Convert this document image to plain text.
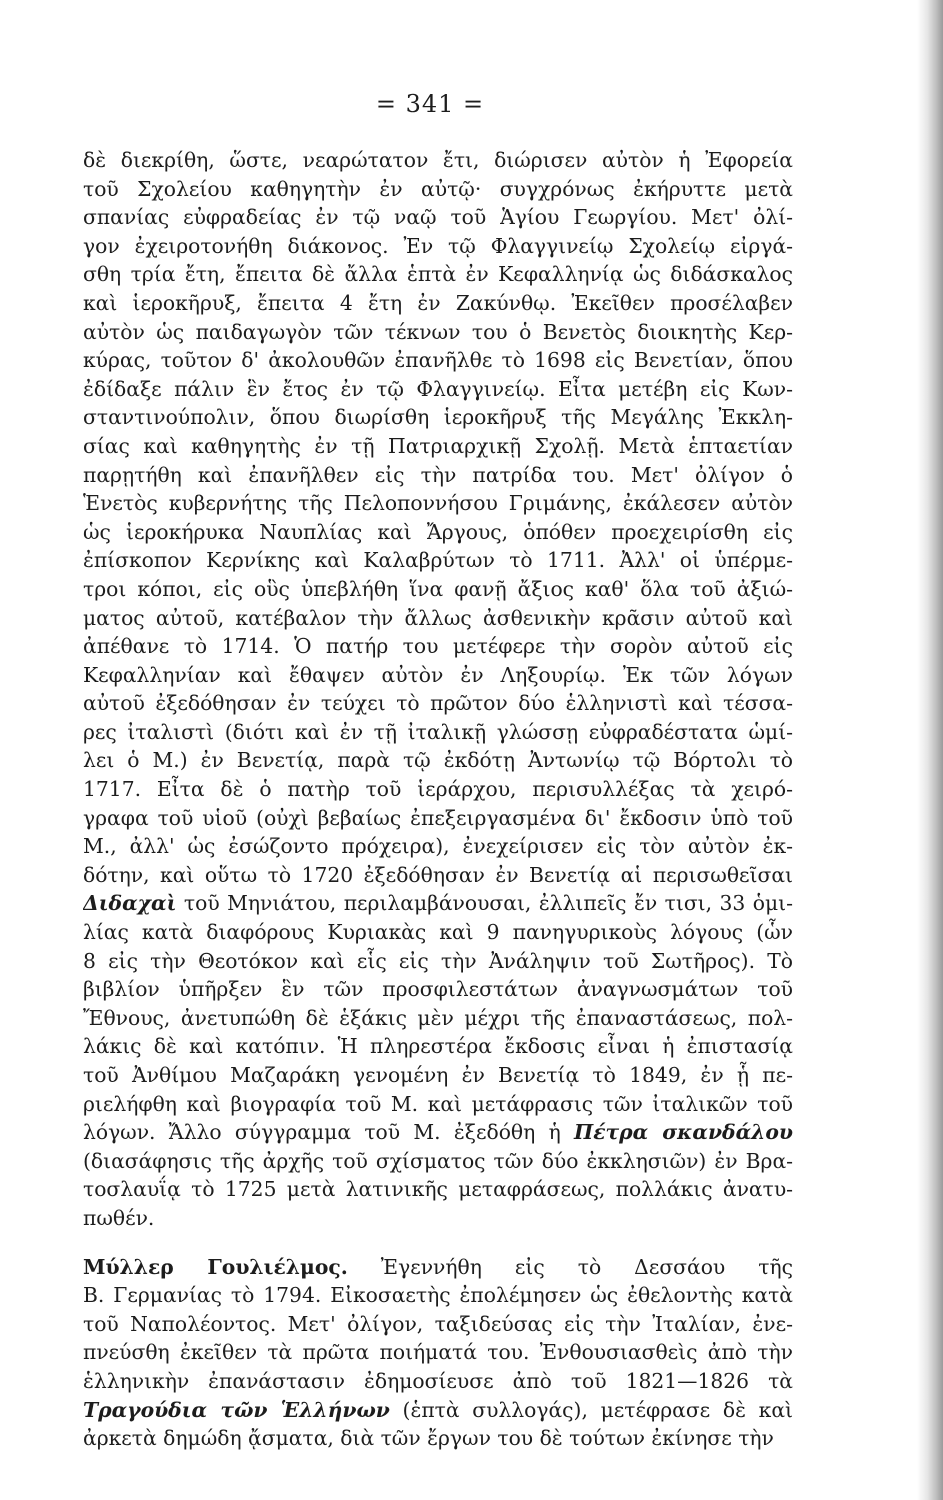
= 341 =
δὲ διεκρίθη, ὥστε, νεαρώτατον ἔτι, διώρισεν αὐτὸν ἡ Ἐφορεία
τοῦ Σχολείου καθηγητὴν ἐν αὐτῷ· συγχρόνως ἐκήρυττε μετὰ
σπανίας εὐφραδείας ἐν τῷ ναῷ τοῦ Ἁγίου Γεωργίου. Μετ' ὀλί-
γον ἐχειροτονήθη διάκονος. Ἐν τῷ Φλαγγινείῳ Σχολείῳ εἰργά-
σθη τρία ἔτη, ἔπειτα δὲ ἄλλα ἑπτὰ ἐν Κεφαλληνίᾳ ὡς διδάσκαλος
καὶ ἱεροκῆρυξ, ἔπειτα 4 ἔτη ἐν Ζακύνθῳ. Ἐκεῖθεν προσέλαβεν
αὐτὸν ὡς παιδαγωγὸν τῶν τέκνων του ὁ Βενετὸς διοικητὴς Κερ-
κύρας, τοῦτον δ' ἀκολουθῶν ἐπανῆλθε τὸ 1698 εἰς Βενετίαν, ὅπου
ἐδίδαξε πάλιν ἓν ἔτος ἐν τῷ Φλαγγινείῳ. Εἶτα μετέβη εἰς Κων-
σταντινούπολιν, ὅπου διωρίσθη ἱεροκῆρυξ τῆς Μεγάλης Ἐκκλη-
σίας καὶ καθηγητὴς ἐν τῇ Πατριαρχικῇ Σχολῇ. Μετὰ ἑπταετίαν
παρῃτήθη καὶ ἐπανῆλθεν εἰς τὴν πατρίδα του. Μετ' ὀλίγον ὁ
Ἑνετὸς κυβερνήτης τῆς Πελοποννήσου Γριμάνης, ἐκάλεσεν αὐτὸν
ὡς ἱεροκήρυκα Ναυπλίας καὶ Ἄργους, ὁπόθεν προεχειρίσθη εἰς
ἐπίσκοπον Κερνίκης καὶ Καλαβρύτων τὸ 1711. Ἀλλ' οἱ ὑπέρμε-
τροι κόποι, εἰς οὓς ὑπεβλήθη ἵνα φανῇ ἄξιος καθ' ὅλα τοῦ ἀξιώ-
ματος αὐτοῦ, κατέβαλον τὴν ἄλλως ἀσθενικὴν κρᾶσιν αὐτοῦ καὶ
ἀπέθανε τὸ 1714. Ὁ πατήρ του μετέφερε τὴν σορὸν αὐτοῦ εἰς
Κεφαλληνίαν καὶ ἔθαψεν αὐτὸν ἐν Ληξουρίῳ. Ἐκ τῶν λόγων
αὐτοῦ ἐξεδόθησαν ἐν τεύχει τὸ πρῶτον δύο ἑλληνιστὶ καὶ τέσσα-
ρες ἰταλιστὶ (διότι καὶ ἐν τῇ ἰταλικῇ γλώσσῃ εὐφραδέστατα ὡμί-
λει ὁ Μ.) ἐν Βενετίᾳ, παρὰ τῷ ἐκδότῃ Ἀντωνίῳ τῷ Βόρτολι τὸ
1717. Εἶτα δὲ ὁ πατὴρ τοῦ ἱεράρχου, περισυλλέξας τὰ χειρό-
γραφα τοῦ υἱοῦ (οὐχὶ βεβαίως ἐπεξειργασμένα δι' ἔκδοσιν ὑπὸ τοῦ
Μ., ἀλλ' ὡς ἐσώζοντο πρόχειρα), ἐνεχείρισεν εἰς τὸν αὐτὸν ἐκ-
δότην, καὶ οὕτω τὸ 1720 ἐξεδόθησαν ἐν Βενετίᾳ αἱ περισωθεῖσαι
Διδαχαὶ τοῦ Μηνιάτου, περιλαμβάνουσαι, ἐλλιπεῖς ἔν τισι, 33 ὁμι-
λίας κατὰ διαφόρους Κυριακὰς καὶ 9 πανηγυρικοὺς λόγους (ὧν
8 εἰς τὴν Θεοτόκον καὶ εἷς εἰς τὴν Ἀνάληψιν τοῦ Σωτῆρος). Τὸ
βιβλίον ὑπῆρξεν ἓν τῶν προσφιλεστάτων ἀναγνωσμάτων τοῦ
Ἔθνους, ἀνετυπώθη δὲ ἑξάκις μὲν μέχρι τῆς ἐπαναστάσεως, πολ-
λάκις δὲ καὶ κατόπιν. Ἡ πληρεστέρα ἔκδοσις εἶναι ἡ ἐπιστασίᾳ
τοῦ Ἀνθίμου Μαζαράκη γενομένη ἐν Βενετίᾳ τὸ 1849, ἐν ᾗ πε-
ριελήφθη καὶ βιογραφία τοῦ Μ. καὶ μετάφρασις τῶν ἰταλικῶν τοῦ
λόγων. Ἄλλο σύγγραμμα τοῦ Μ. ἐξεδόθη ἡ Πέτρα σκανδάλου
(διασάφησις τῆς ἀρχῆς τοῦ σχίσματος τῶν δύο ἐκκλησιῶν) ἐν Βρα-
τοσλαυΐᾳ τὸ 1725 μετὰ λατινικῆς μεταφράσεως, πολλάκις ἀνατυ-
πωθέν.
Μύλλερ Γουλιέλμος. Ἐγεννήθη εἰς τὸ Δεσσάου τῆς
Β. Γερμανίας τὸ 1794. Εἰκοσαετὴς ἐπολέμησεν ὡς ἐθελοντὴς κατὰ
τοῦ Ναπολέοντος. Μετ' ὀλίγον, ταξιδεύσας εἰς τὴν Ἰταλίαν, ἐνε-
πνεύσθη ἐκεῖθεν τὰ πρῶτα ποιήματά του. Ἐνθουσιασθεὶς ἀπὸ τὴν
ἑλληνικὴν ἐπανάστασιν ἐδημοσίευσε ἀπὸ τοῦ 1821—1826 τὰ
Τραγούδια τῶν Ἑλλήνων (ἑπτὰ συλλογάς), μετέφρασε δὲ καὶ
ἀρκετὰ δημώδη ᾄσματα, διὰ τῶν ἔργων του δὲ τούτων ἐκίνησε τὴν
